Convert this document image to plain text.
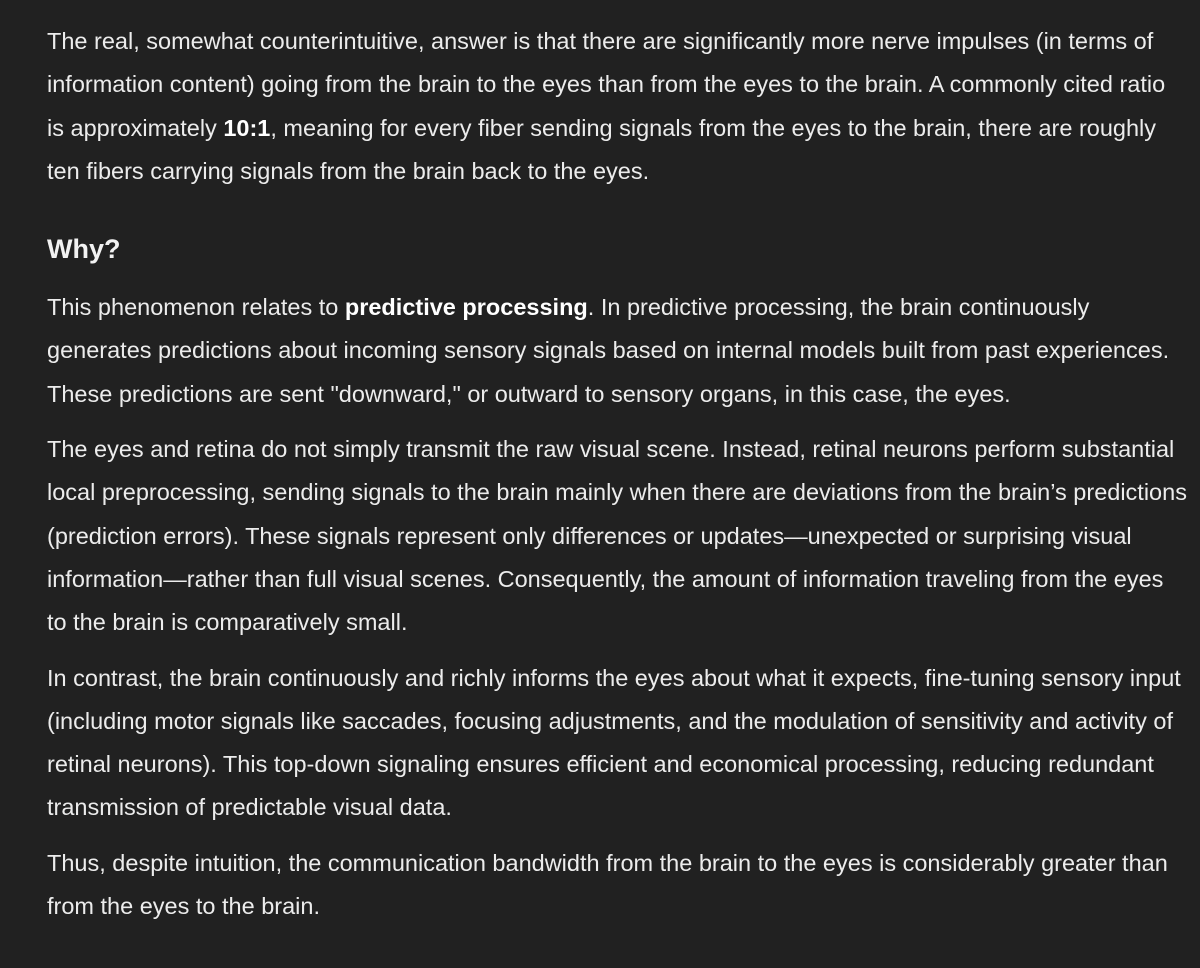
The real, somewhat counterintuitive, answer is that there are significantly more nerve impulses (in terms of information content) going from the brain to the eyes than from the eyes to the brain. A commonly cited ratio is approximately 10:1, meaning for every fiber sending signals from the eyes to the brain, there are roughly ten fibers carrying signals from the brain back to the eyes.

Why?

This phenomenon relates to predictive processing. In predictive processing, the brain continuously generates predictions about incoming sensory signals based on internal models built from past experiences. These predictions are sent "downward," or outward to sensory organs, in this case, the eyes.

The eyes and retina do not simply transmit the raw visual scene. Instead, retinal neurons perform substantial local preprocessing, sending signals to the brain mainly when there are deviations from the brain’s predictions (prediction errors). These signals represent only differences or updates—unexpected or surprising visual information—rather than full visual scenes. Consequently, the amount of information traveling from the eyes to the brain is comparatively small.

In contrast, the brain continuously and richly informs the eyes about what it expects, fine-tuning sensory input (including motor signals like saccades, focusing adjustments, and the modulation of sensitivity and activity of retinal neurons). This top-down signaling ensures efficient and economical processing, reducing redundant transmission of predictable visual data.

Thus, despite intuition, the communication bandwidth from the brain to the eyes is considerably greater than from the eyes to the brain.
